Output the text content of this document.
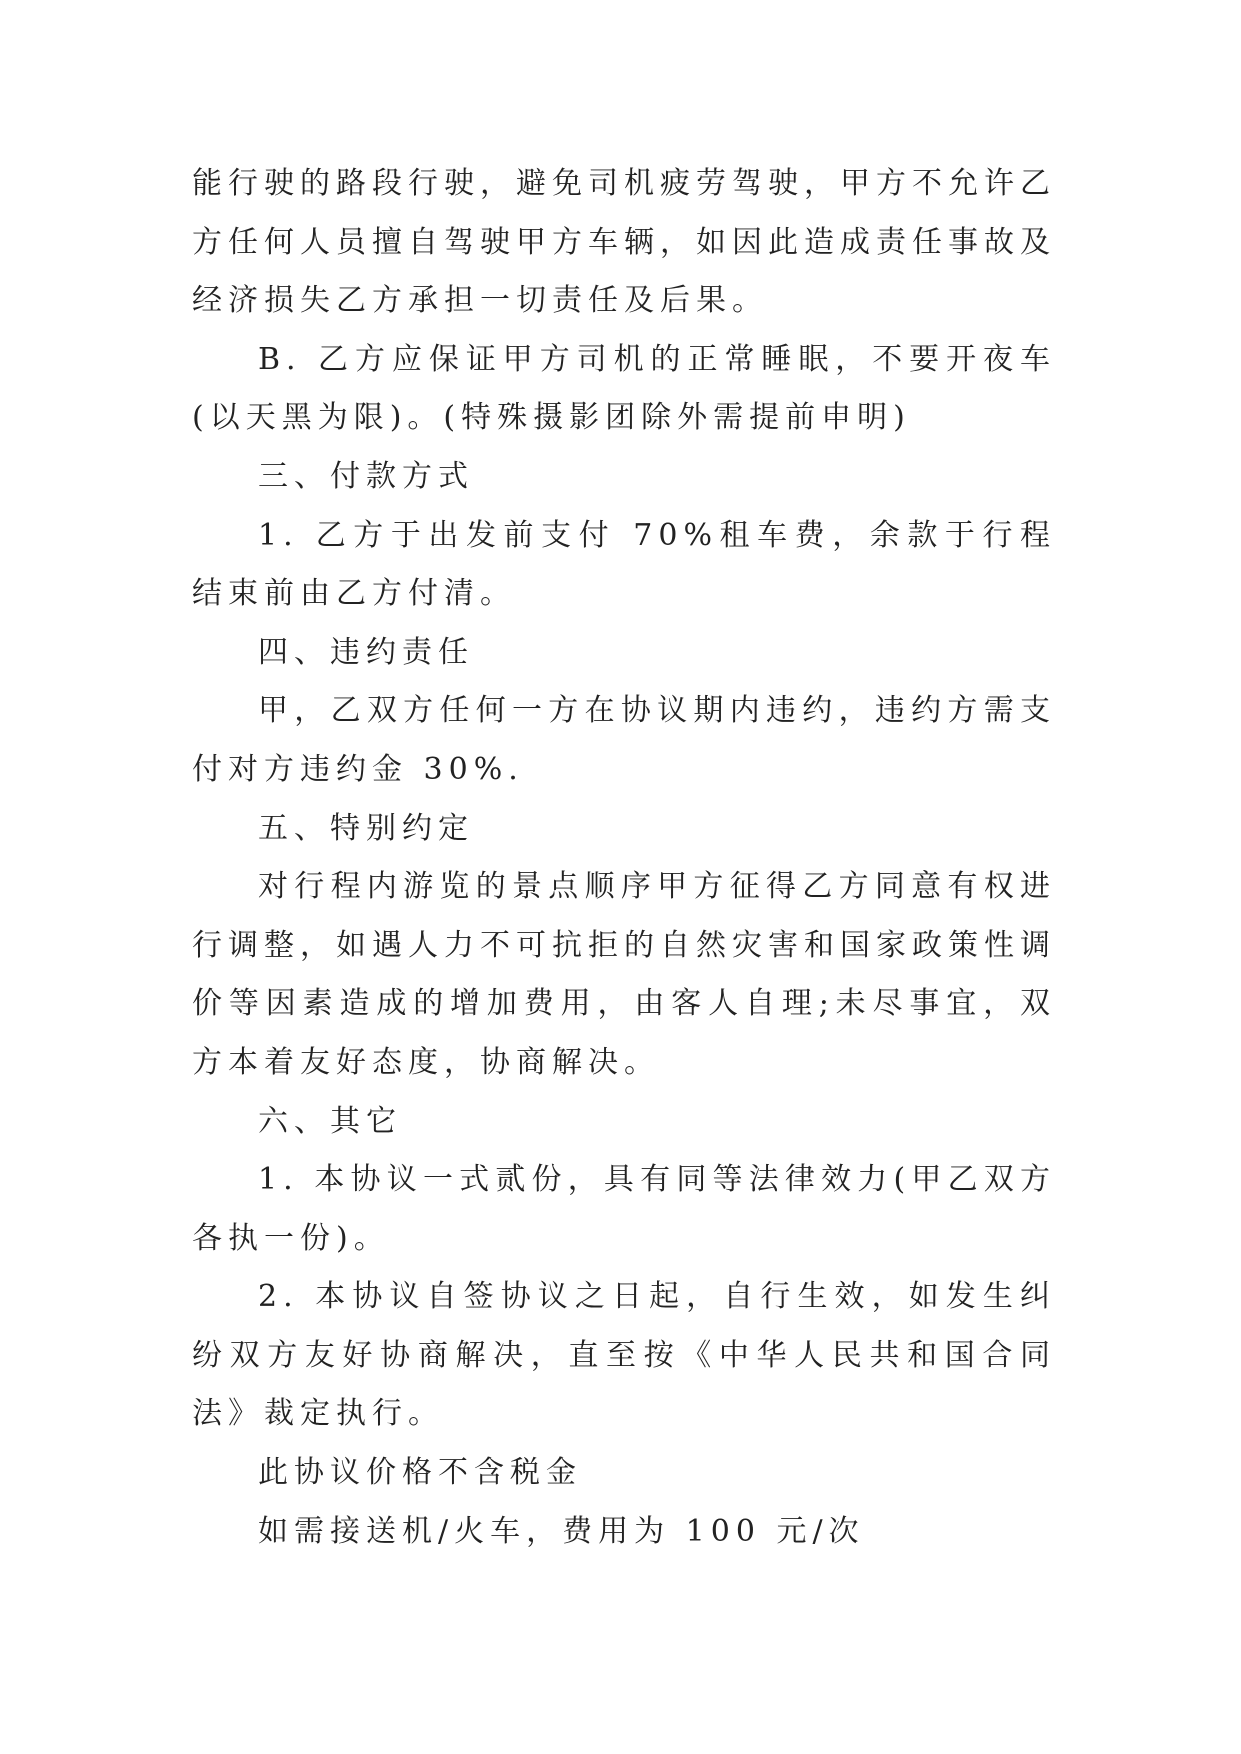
能行驶的路段行驶，避免司机疲劳驾驶，甲方不允许乙方任何人员擅自驾驶甲方车辆，如因此造成责任事故及经济损失乙方承担一切责任及后果。

B. 乙方应保证甲方司机的正常睡眠，不要开夜车(以天黑为限)。(特殊摄影团除外需提前申明)

三、付款方式

1. 乙方于出发前支付 70%租车费，余款于行程结束前由乙方付清。

四、违约责任

甲，乙双方任何一方在协议期内违约，违约方需支付对方违约金 30%.

五、特别约定

对行程内游览的景点顺序甲方征得乙方同意有权进行调整，如遇人力不可抗拒的自然灾害和国家政策性调价等因素造成的增加费用，由客人自理;未尽事宜，双方本着友好态度，协商解决。

六、其它

1. 本协议一式贰份，具有同等法律效力(甲乙双方各执一份)。

2. 本协议自签协议之日起，自行生效，如发生纠纷双方友好协商解决，直至按《中华人民共和国合同法》裁定执行。

此协议价格不含税金

如需接送机/火车，费用为 100 元/次
